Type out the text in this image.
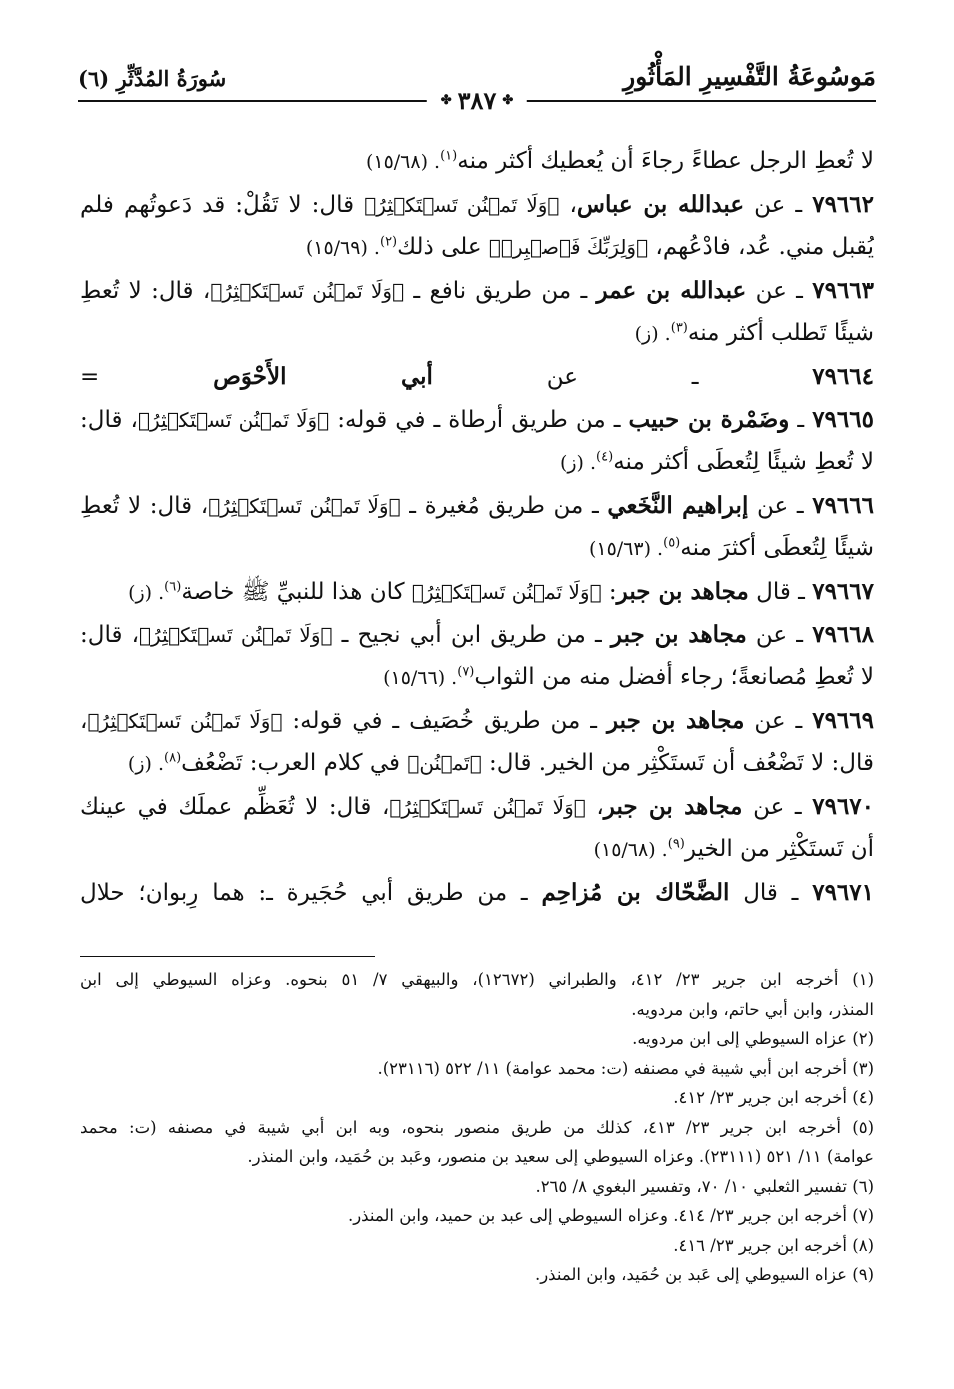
مَوسُوعَةُ التَّفْسِيرِ المَأْثُورِ
سُورَةُ المُدَّثِّرِ (٦)
✤
٣٨٧
✤
لا تُعطِ الرجل عطاءً رجاءَ أن يُعطيك أكثر منه$^{(١)}$. (١٥/٦٨)
٧٩٦٦٢ ـ عن عبدالله بن عباس، ﴿وَلَا تَمۡنُن تَسۡتَكۡثِرُ﴾ قال: لا تَقُلْ: قد دَعوتُهم فلم
يُقبل مني. عُد، فادْعُهم، ﴿وَلِرَبِّكَ فَٱصۡبِرۡ﴾ على ذلك$^{(٢)}$. (١٥/٦٩)
٧٩٦٦٣ ـ عن عبدالله بن عمر ـ من طريق نافع ـ ﴿وَلَا تَمۡنُن تَسۡتَكۡثِرُ﴾، قال: لا تُعطِ
شيئًا تَطلب أكثر منه$^{(٣)}$. (ز)
٧٩٦٦٤ ـ عن أبي الأَحْوَص =
٧٩٦٦٥ ـ وضَمْرة بن حبيب ـ من طريق أرطاة ـ في قوله: ﴿وَلَا تَمۡنُن تَسۡتَكۡثِرُ﴾، قال:
لا تُعطِ شيئًا لِتُعطَى أكثر منه$^{(٤)}$. (ز)
٧٩٦٦٦ ـ عن إبراهيم النَّخَعي ـ من طريق مُغيرة ـ ﴿وَلَا تَمۡنُن تَسۡتَكۡثِرُ﴾، قال: لا تُعطِ
شيئًا لِتُعطَى أكثرَ منه$^{(٥)}$. (١٥/٦٣)
٧٩٦٦٧ ـ قال مجاهد بن جبر: ﴿وَلَا تَمۡنُن تَسۡتَكۡثِرُ﴾ كان هذا للنبيِّ ﷺ خاصة$^{(٦)}$. (ز)
٧٩٦٦٨ ـ عن مجاهد بن جبر ـ من طريق ابن أبي نجيح ـ ﴿وَلَا تَمۡنُن تَسۡتَكۡثِرُ﴾، قال:
لا تُعطِ مُصانعةً؛ رجاء أفضل منه من الثواب$^{(٧)}$. (١٥/٦٦)
٧٩٦٦٩ ـ عن مجاهد بن جبر ـ من طريق خُصَيف ـ في قوله: ﴿وَلَا تَمۡنُن تَسۡتَكۡثِرُ﴾،
قال: لا تَضْعُف أن تَستَكْثِر من الخير. قال: ﴿تَمۡنُن﴾ في كلام العرب: تَضْعُف$^{(٨)}$. (ز)
٧٩٦٧٠ ـ عن مجاهد بن جبر، ﴿وَلَا تَمۡنُن تَسۡتَكۡثِرُ﴾، قال: لا تُعَظِّم عملَك في عينك
أن تَستَكْثِر من الخير$^{(٩)}$. (١٥/٦٨)
٧٩٦٧١ ـ قال الضَّحّاك بن مُزاحِم ـ من طريق أبي حُجَيرة ـ: هما رِبوان؛ حلال
(١) أخرجه ابن جرير ٢٣/ ٤١٢، والطبراني (١٢٦٧٢)، والبيهقي ٧/ ٥١ بنحوه. وعزاه السيوطي إلى ابن
المنذر، وابن أبي حاتم، وابن مردويه.
(٢) عزاه السيوطي إلى ابن مردويه.
(٣) أخرجه ابن أبي شيبة في مصنفه (ت: محمد عوامة) ١١/ ٥٢٢ (٢٣١١٦).
(٤) أخرجه ابن جرير ٢٣/ ٤١٢.
(٥) أخرجه ابن جرير ٢٣/ ٤١٣، كذلك من طريق منصور بنحوه، وبه ابن أبي شيبة في مصنفه (ت: محمد
عوامة) ١١/ ٥٢١ (٢٣١١١). وعزاه السيوطي إلى سعيد بن منصور، وعَبد بن حُمَيد، وابن المنذر.
(٦) تفسير الثعلبي ١٠/ ٧٠، وتفسير البغوي ٨/ ٢٦٥.
(٧) أخرجه ابن جرير ٢٣/ ٤١٤. وعزاه السيوطي إلى عبد بن حميد، وابن المنذر.
(٨) أخرجه ابن جرير ٢٣/ ٤١٦.
(٩) عزاه السيوطي إلى عَبد بن حُمَيد، وابن المنذر.
